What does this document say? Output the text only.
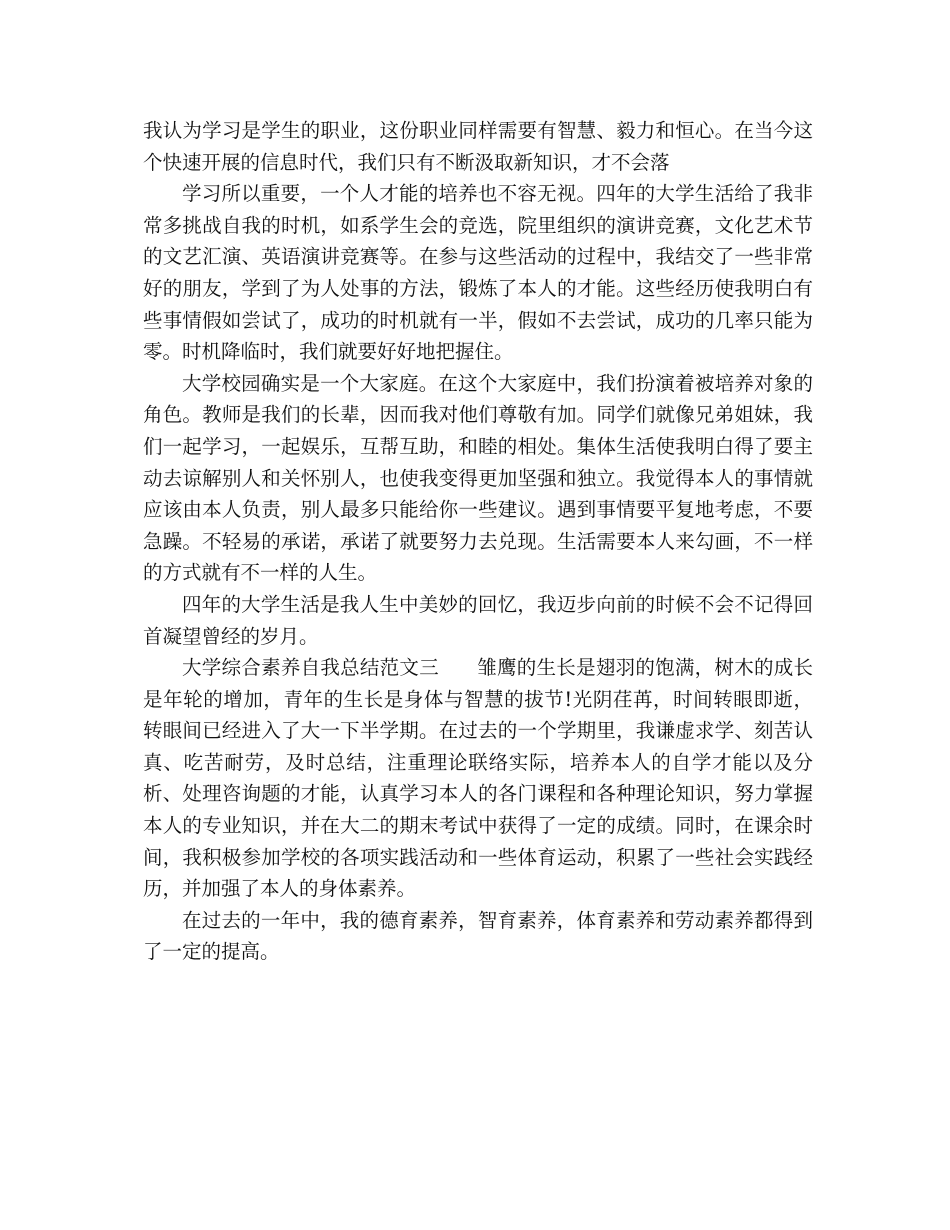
我认为学习是学生的职业，这份职业同样需要有智慧、毅力和恒心。在当今这个快速开展的信息时代，我们只有不断汲取新知识，才不会落

学习所以重要，一个人才能的培养也不容无视。四年的大学生活给了我非常多挑战自我的时机，如系学生会的竞选，院里组织的演讲竞赛，文化艺术节的文艺汇演、英语演讲竞赛等。在参与这些活动的过程中，我结交了一些非常好的朋友，学到了为人处事的方法，锻炼了本人的才能。这些经历使我明白有些事情假如尝试了，成功的时机就有一半，假如不去尝试，成功的几率只能为零。时机降临时，我们就要好好地把握住。

大学校园确实是一个大家庭。在这个大家庭中，我们扮演着被培养对象的角色。教师是我们的长辈，因而我对他们尊敬有加。同学们就像兄弟姐妹，我们一起学习，一起娱乐，互帮互助，和睦的相处。集体生活使我明白得了要主动去谅解别人和关怀别人，也使我变得更加坚强和独立。我觉得本人的事情就应该由本人负责，别人最多只能给你一些建议。遇到事情要平复地考虑，不要急躁。不轻易的承诺，承诺了就要努力去兑现。生活需要本人来勾画，不一样的方式就有不一样的人生。

四年的大学生活是我人生中美妙的回忆，我迈步向前的时候不会不记得回首凝望曾经的岁月。

大学综合素养自我总结范文三 雏鹰的生长是翅羽的饱满，树木的成长是年轮的增加，青年的生长是身体与智慧的拔节!光阴荏苒，时间转眼即逝，转眼间已经进入了大一下半学期。在过去的一个学期里，我谦虚求学、刻苦认真、吃苦耐劳，及时总结，注重理论联络实际，培养本人的自学才能以及分析、处理咨询题的才能，认真学习本人的各门课程和各种理论知识，努力掌握本人的专业知识，并在大二的期末考试中获得了一定的成绩。同时，在课余时间，我积极参加学校的各项实践活动和一些体育运动，积累了一些社会实践经历，并加强了本人的身体素养。

在过去的一年中，我的德育素养，智育素养，体育素养和劳动素养都得到了一定的提高。
